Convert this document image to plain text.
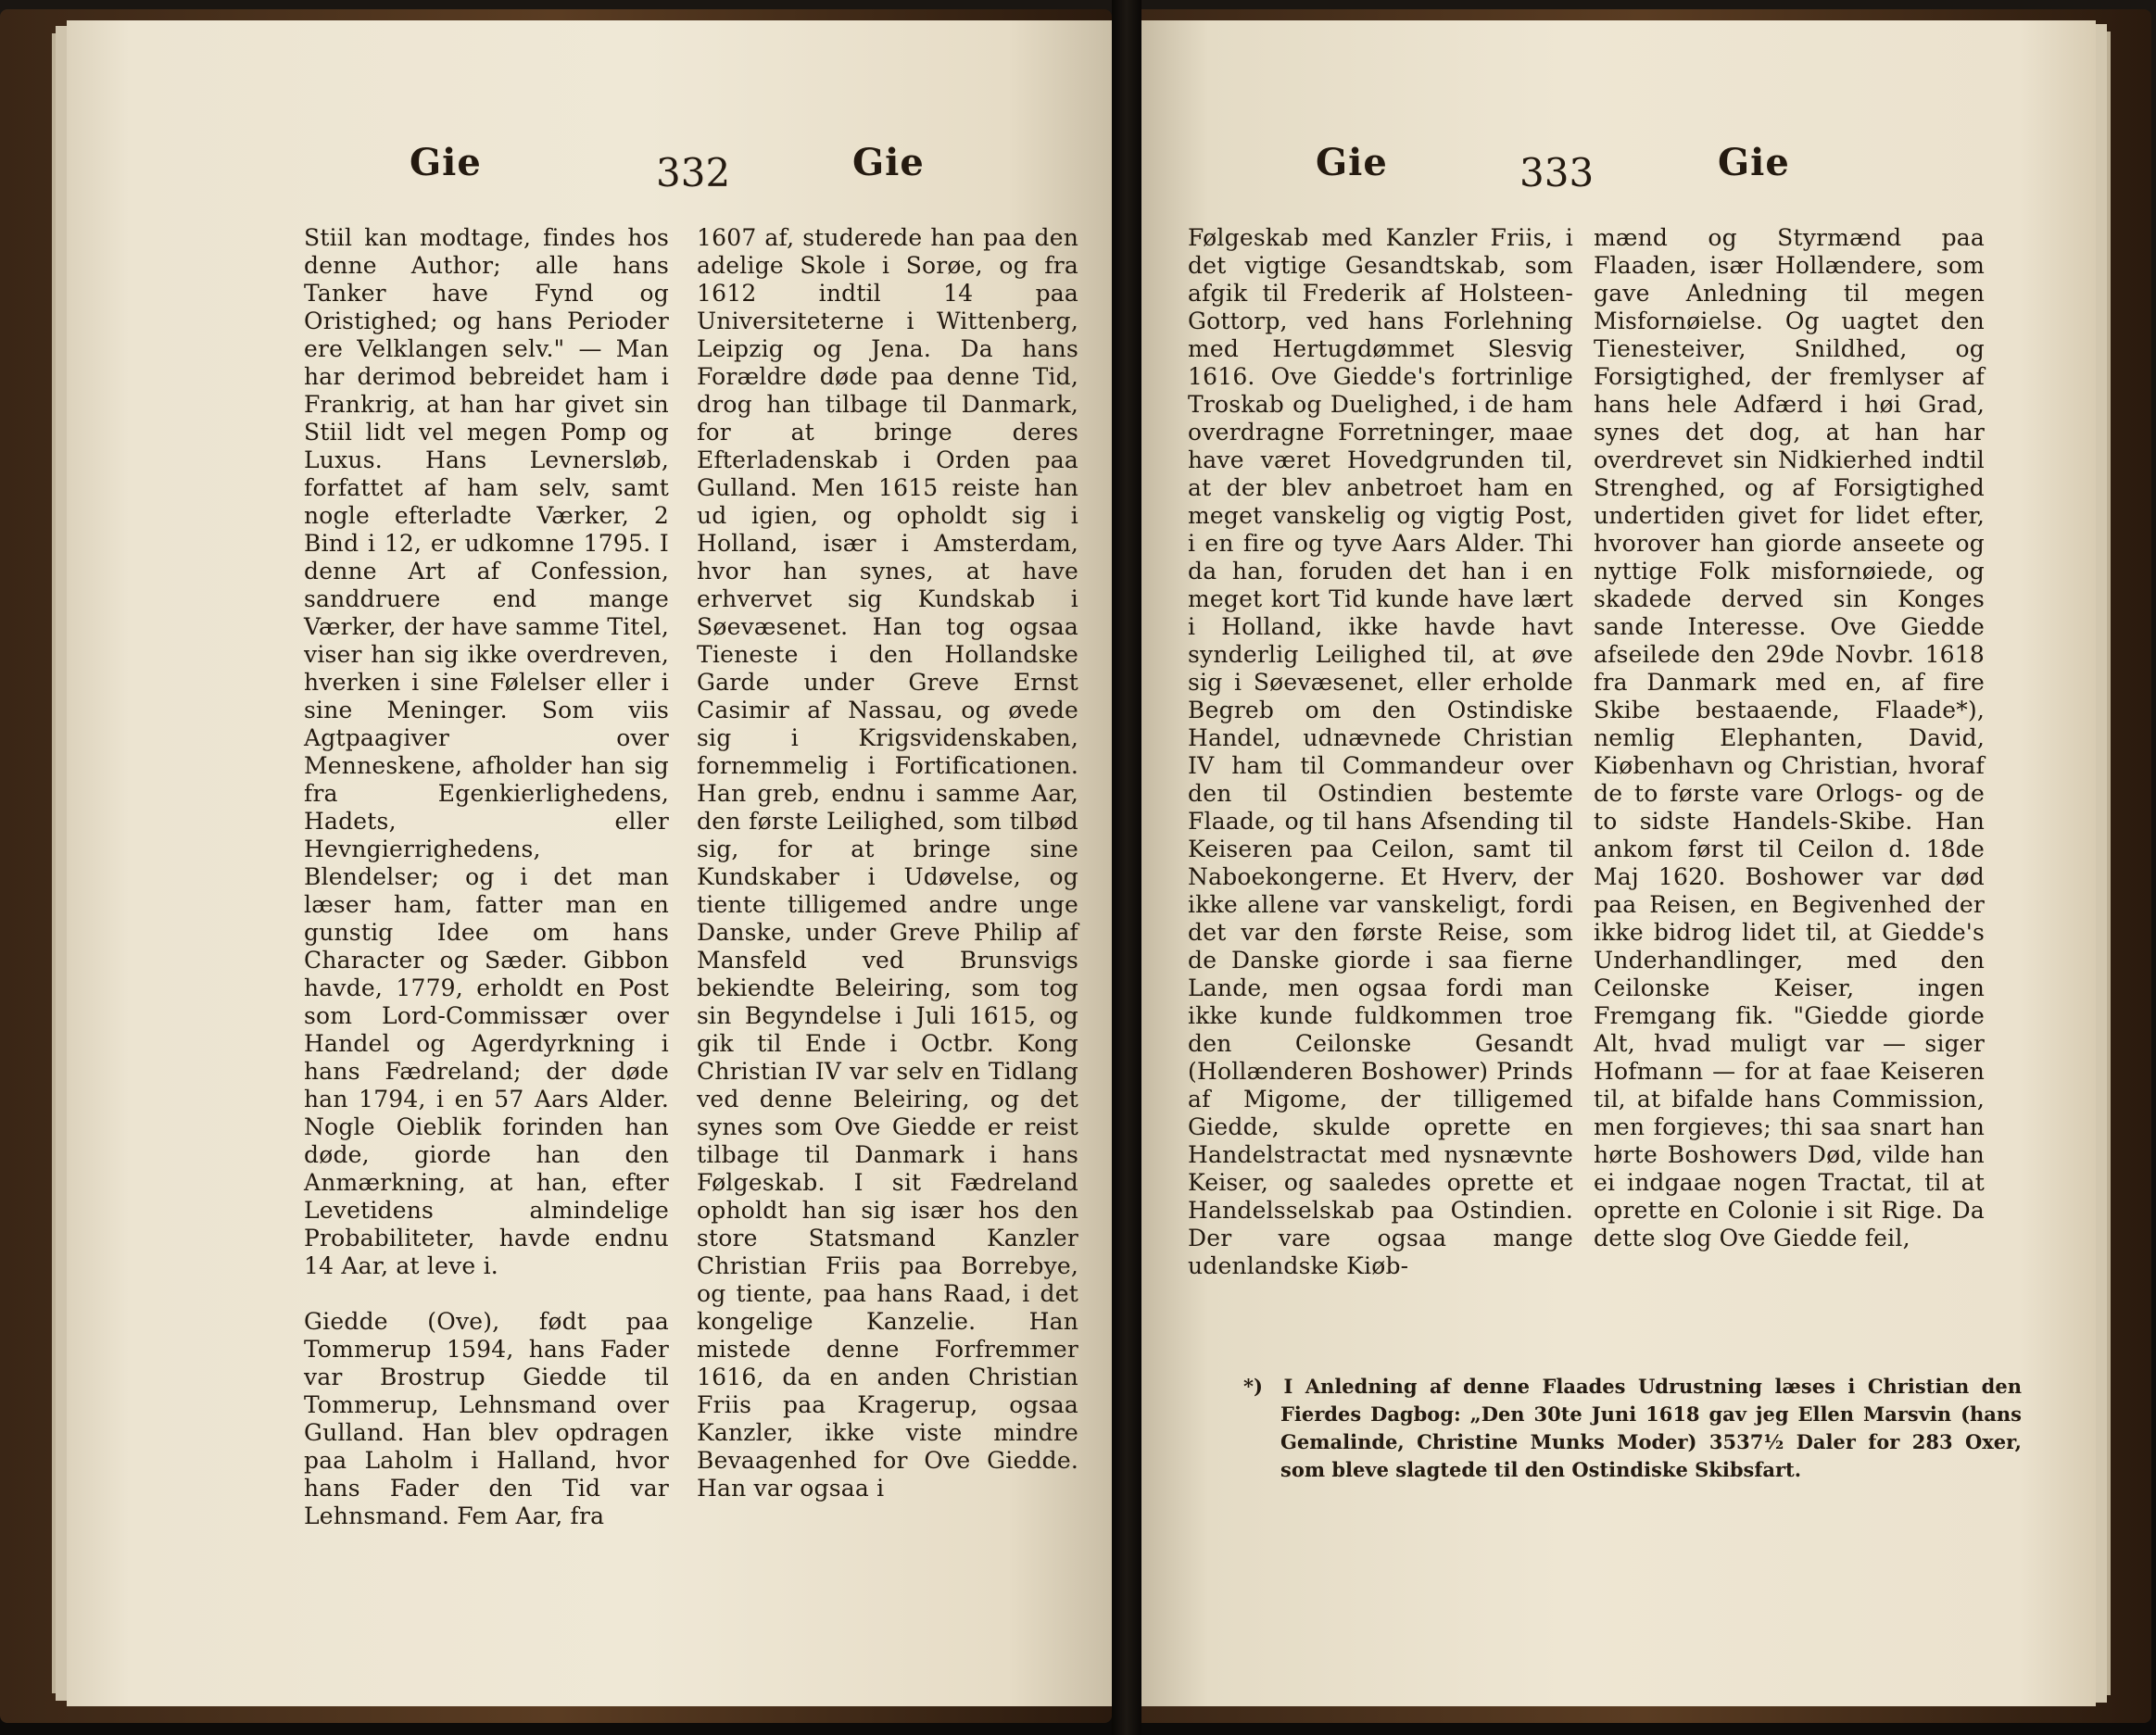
Gie	332	Gie

Stiil kan modtage, findes hos denne Author; alle hans Tanker have Fynd og Oristighed; og hans Perioder ere Velklangen selv." — Man har derimod bebreidet ham i Frankrig, at han har givet sin Stiil lidt vel megen Pomp og Luxus. Hans Levnersløb, forfattet af ham selv, samt nogle efterladte Værker, 2 Bind i 12, er udkomne 1795. I denne Art af Confession, sanddruere end mange Værker, der have samme Titel, viser han sig ikke overdreven, hverken i sine Følelser eller i sine Meninger. Som viis Agtpaagiver over Menneskene, afholder han sig fra Egenkierlighedens, Hadets, eller Hevngierrighedens, Blendelser; og i det man læser ham, fatter man en gunstig Idee om hans Character og Sæder. Gibbon havde, 1779, erholdt en Post som Lord-Commissær over Handel og Agerdyrkning i hans Fædreland; der døde han 1794, i en 57 Aars Alder. Nogle Oieblik forinden han døde, giorde han den Anmærkning, at han, efter Levetidens almindelige Probabiliteter, havde endnu 14 Aar, at leve i.

Giedde (Ove), født paa Tommerup 1594, hans Fader var Brostrup Giedde til Tommerup, Lehnsmand over Gulland. Han blev opdragen paa Laholm i Halland, hvor hans Fader den Tid var Lehnsmand. Fem Aar, fra

1607 af, studerede han paa den adelige Skole i Sorøe, og fra 1612 indtil 14 paa Universiteterne i Wittenberg, Leipzig og Jena. Da hans Forældre døde paa denne Tid, drog han tilbage til Danmark, for at bringe deres Efterladenskab i Orden paa Gulland. Men 1615 reiste han ud igien, og opholdt sig i Holland, især i Amsterdam, hvor han synes, at have erhvervet sig Kundskab i Søevæsenet. Han tog ogsaa Tieneste i den Hollandske Garde under Greve Ernst Casimir af Nassau, og øvede sig i Krigsvidenskaben, fornemmelig i Fortificationen. Han greb, endnu i samme Aar, den første Leilighed, som tilbød sig, for at bringe sine Kundskaber i Udøvelse, og tiente tilligemed andre unge Danske, under Greve Philip af Mansfeld ved Brunsvigs bekiendte Beleiring, som tog sin Begyndelse i Juli 1615, og gik til Ende i Octbr. Kong Christian IV var selv en Tidlang ved denne Beleiring, og det synes som Ove Giedde er reist tilbage til Danmark i hans Følgeskab. I sit Fædreland opholdt han sig især hos den store Statsmand Kanzler Christian Friis paa Borrebye, og tiente, paa hans Raad, i det kongelige Kanzelie. Han mistede denne Forfremmer 1616, da en anden Christian Friis paa Kragerup, ogsaa Kanzler, ikke viste mindre Bevaagenhed for Ove Giedde. Han var ogsaa i

Gie	333	Gie

Følgeskab med Kanzler Friis, i det vigtige Gesandtskab, som afgik til Frederik af Holsteen-Gottorp, ved hans Forlehning med Hertugdømmet Slesvig 1616. Ove Giedde's fortrinlige Troskab og Duelighed, i de ham overdragne Forretninger, maae have været Hovedgrunden til, at der blev anbetroet ham en meget vanskelig og vigtig Post, i en fire og tyve Aars Alder. Thi da han, foruden det han i en meget kort Tid kunde have lært i Holland, ikke havde havt synderlig Leilighed til, at øve sig i Søevæsenet, eller erholde Begreb om den Ostindiske Handel, udnævnede Christian IV ham til Commandeur over den til Ostindien bestemte Flaade, og til hans Afsending til Keiseren paa Ceilon, samt til Naboekongerne. Et Hverv, der ikke allene var vanskeligt, fordi det var den første Reise, som de Danske giorde i saa fierne Lande, men ogsaa fordi man ikke kunde fuldkommen troe den Ceilonske Gesandt (Hollænderen Boshower) Prinds af Migome, der tilligemed Giedde, skulde oprette en Handelstractat med nysnævnte Keiser, og saaledes oprette et Handelsselskab paa Ostindien. Der vare ogsaa mange udenlandske Kiøb-

mænd og Styrmænd paa Flaaden, især Hollændere, som gave Anledning til megen Misfornøielse. Og uagtet den Tienesteiver, Snildhed, og Forsigtighed, der fremlyser af hans hele Adfærd i høi Grad, synes det dog, at han har overdrevet sin Nidkierhed indtil Strenghed, og af Forsigtighed undertiden givet for lidet efter, hvorover han giorde anseete og nyttige Folk misfornøiede, og skadede derved sin Konges sande Interesse. Ove Giedde afseilede den 29de Novbr. 1618 fra Danmark med en, af fire Skibe bestaaende, Flaade*), nemlig Elephanten, David, Kiøbenhavn og Christian, hvoraf de to første vare Orlogs- og de to sidste Handels-Skibe. Han ankom først til Ceilon d. 18de Maj 1620. Boshower var død paa Reisen, en Begivenhed der ikke bidrog lidet til, at Giedde's Underhandlinger, med den Ceilonske Keiser, ingen Fremgang fik. "Giedde giorde Alt, hvad muligt var — siger Hofmann — for at faae Keiseren til, at bifalde hans Commission, men forgieves; thi saa snart han hørte Boshowers Død, vilde han ei indgaae nogen Tractat, til at oprette en Colonie i sit Rige. Da dette slog Ove Giedde feil,

*) I Anledning af denne Flaades Udrustning læses i Christian den Fierdes Dagbog: „Den 30te Juni 1618 gav jeg Ellen Marsvin (hans Gemalinde, Christine Munks Moder) 3537½ Daler for 283 Oxer, som bleve slagtede til den Ostindiske Skibsfart.
